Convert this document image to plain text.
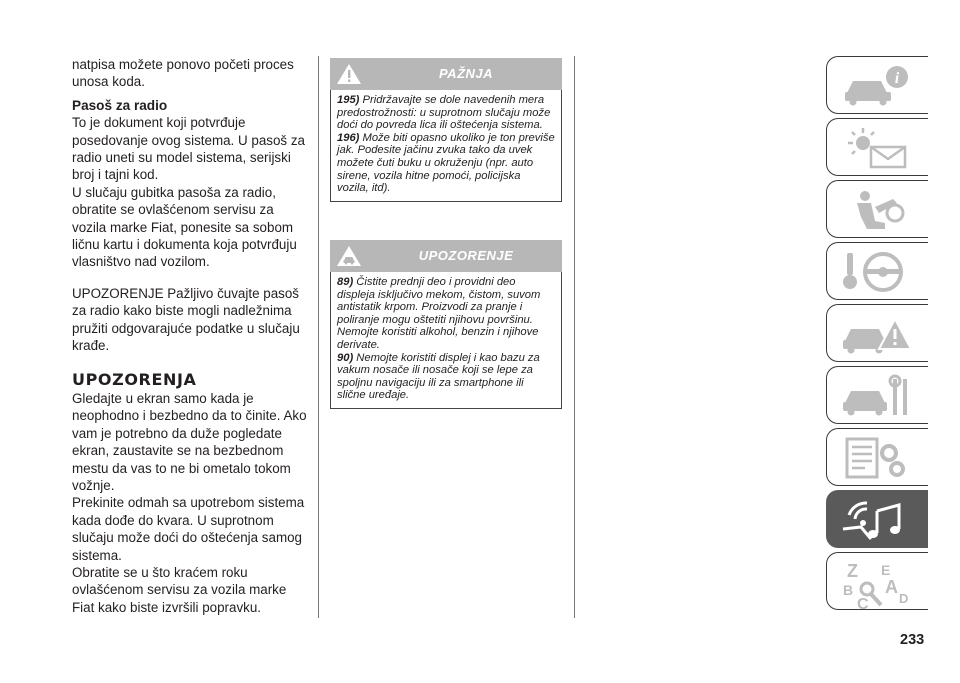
natpisa možete ponovo početi proces unosa koda.

Pasoš za radio

To je dokument koji potvrđuje posedovanje ovog sistema. U pasoš za radio uneti su model sistema, serijski broj i tajni kod.

U slučaju gubitka pasoša za radio, obratite se ovlašćenom servisu za vozila marke Fiat, ponesite sa sobom ličnu kartu i dokumenta koja potvrđuju vlasništvo nad vozilom.

UPOZORENJE Pažljivo čuvajte pasoš za radio kako biste mogli nadležnima pružiti odgovarajuće podatke u slučaju krađe.

UPOZORENJA

Gledajte u ekran samo kada je neophodno i bezbedno da to činite. Ako vam je potrebno da duže pogledate ekran, zaustavite se na bezbednom mestu da vas to ne bi ometalo tokom vožnje.

Prekinite odmah sa upotrebom sistema kada dođe do kvara. U suprotnom slučaju može doći do oštećenja samog sistema.

Obratite se u što kraćem roku ovlašćenom servisu za vozila marke Fiat kako biste izvršili popravku.

PAŽNJA

195) Pridržavajte se dole navedenih mera predostrožnosti: u suprotnom slučaju može doći do povreda lica ili oštećenja sistema.

196) Može biti opasno ukoliko je ton previše jak. Podesite jačinu zvuka tako da uvek možete čuti buku u okruženju (npr. auto sirene, vozila hitne pomoći, policijska vozila, itd).

UPOZORENJE

89) Čistite prednji deo i providni deo displeja isključivo mekom, čistom, suvom antistatik krpom. Proizvodi za pranje i poliranje mogu oštetiti njihovu površinu. Nemojte koristiti alkohol, benzin i njihove derivate.

90) Nemojte koristiti displej i kao bazu za vakum nosače ili nosače koji se lepe za spoljnu navigaciju ili za smartphone ili slične uređaje.

i
Z E
B A
C D
233
